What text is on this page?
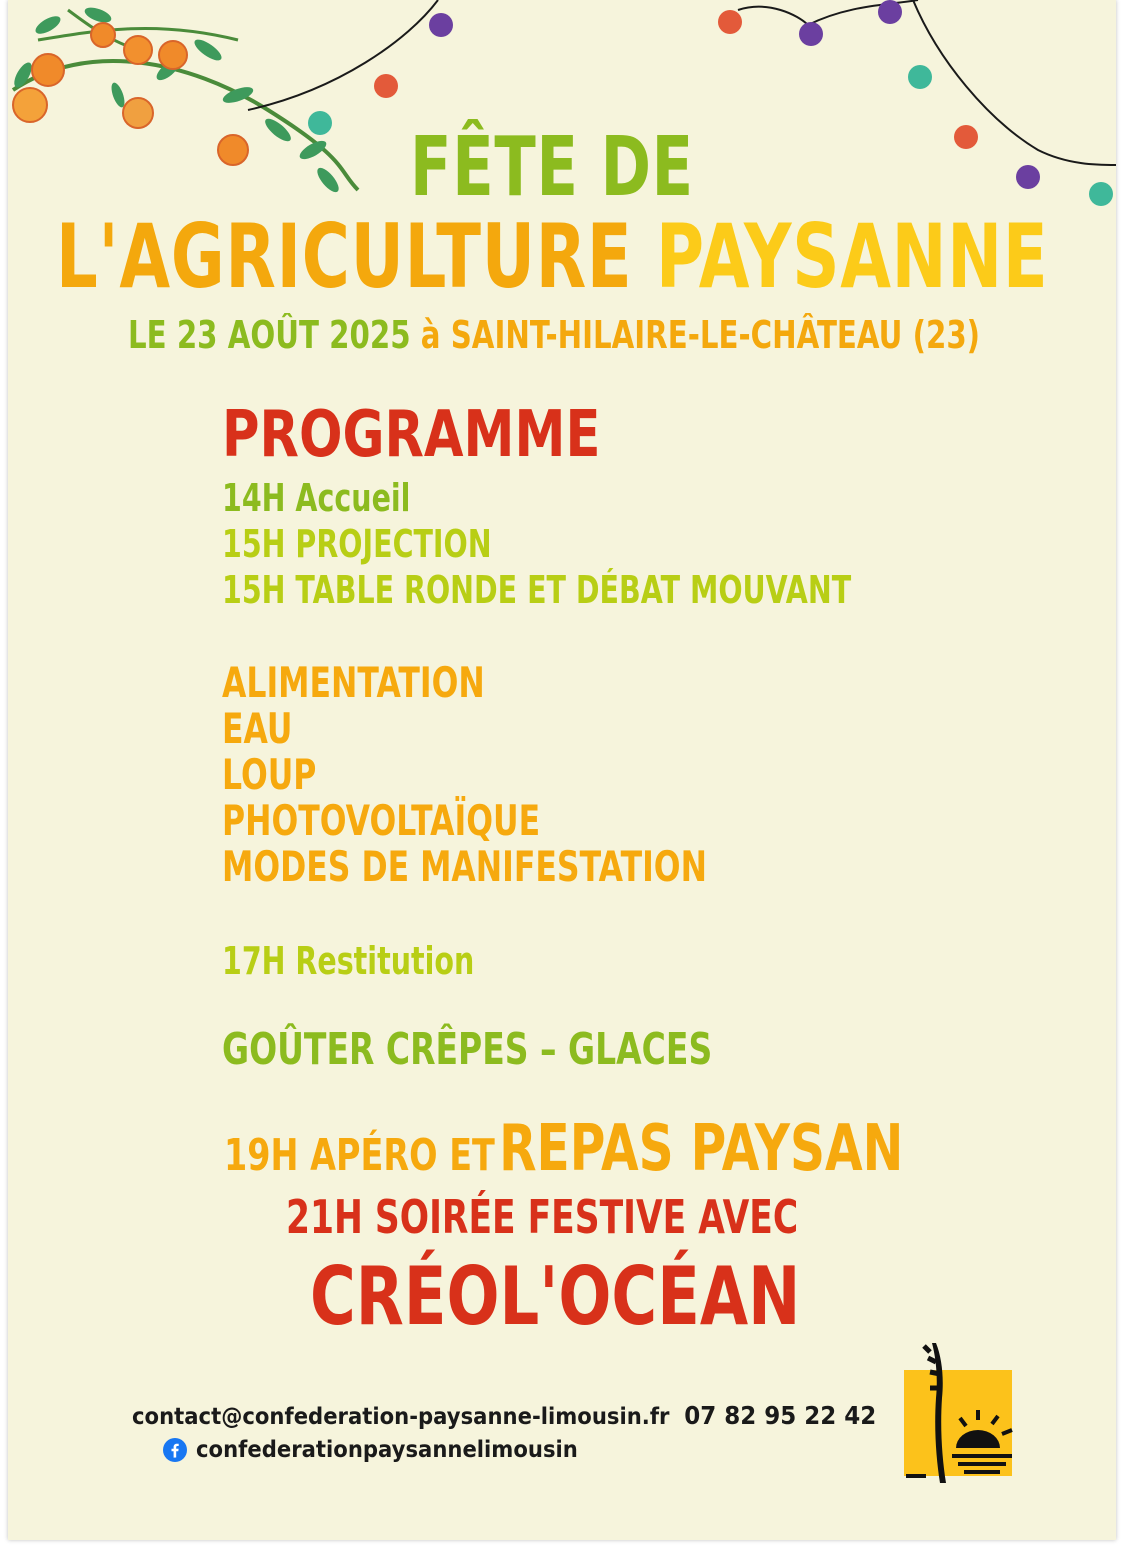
FÊTE DE
L'AGRICULTURE PAYSANNE
LE 23 AOÛT 2025 à SAINT-HILAIRE-LE-CHÂTEAU (23)
PROGRAMME
14H Accueil
15H PROJECTION
15H TABLE RONDE ET DÉBAT MOUVANT
ALIMENTATION
EAU
LOUP
PHOTOVOLTAÏQUE
MODES DE MANIFESTATION
17H Restitution
GOÛTER CRÊPES – GLACES
19H APÉRO ET REPAS PAYSAN
21H SOIRÉE FESTIVE AVEC
CRÉOL'OCÉAN
contact@confederation-paysanne-limousin.fr 07 82 95 22 42
confederationpaysannelimousin
